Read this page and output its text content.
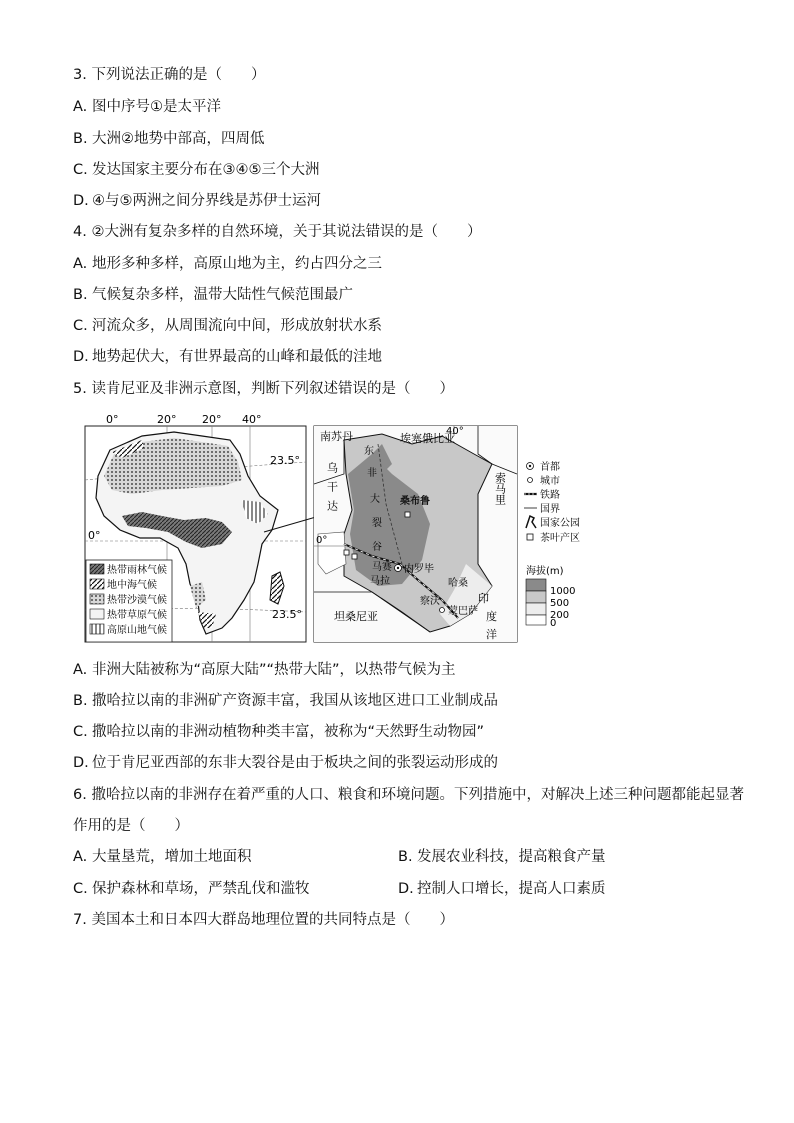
3. 下列说法正确的是（　　）
A. 图中序号①是太平洋
B. 大洲②地势中部高，四周低
C. 发达国家主要分布在③④⑤三个大洲
D. ④与⑤两洲之间分界线是苏伊士运河
4. ②大洲有复杂多样的自然环境，关于其说法错误的是（　　）
A. 地形多种多样，高原山地为主，约占四分之三
B. 气候复杂多样，温带大陆性气候范围最广
C. 河流众多，从周围流向中间，形成放射状水系
D. 地势起伏大，有世界最高的山峰和最低的洼地
5. 读肯尼亚及非洲示意图，判断下列叙述错误的是（　　）
0°	20° 20° 40°
23.5°
0°
23.5°
热带雨林气候
地中海气候
热带沙漠气候
热带草原气候
高原山地气候
南苏丹	埃塞俄比亚
40°
0°
索马里
乌干达
坦桑尼亚
东
非
大
裂
谷
桑布鲁
马赛
马拉
内罗毕
哈桑
察沃
蒙巴萨
印
度
洋
首都
城市
铁路
国界
国家公园
茶叶产区
海拔(m)
1000
500
200
0
A. 非洲大陆被称为“高原大陆”“热带大陆”，以热带气候为主
B. 撒哈拉以南的非洲矿产资源丰富，我国从该地区进口工业制成品
C. 撒哈拉以南的非洲动植物种类丰富，被称为“天然野生动物园”
D. 位于肯尼亚西部的东非大裂谷是由于板块之间的张裂运动形成的
6. 撒哈拉以南的非洲存在着严重的人口、粮食和环境问题。下列措施中，对解决上述三种问题都能起显著
作用的是（　　）
A. 大量垦荒，增加土地面积	B. 发展农业科技，提高粮食产量
C. 保护森林和草场，严禁乱伐和滥牧	D. 控制人口增长，提高人口素质
7. 美国本土和日本四大群岛地理位置的共同特点是（　　）
